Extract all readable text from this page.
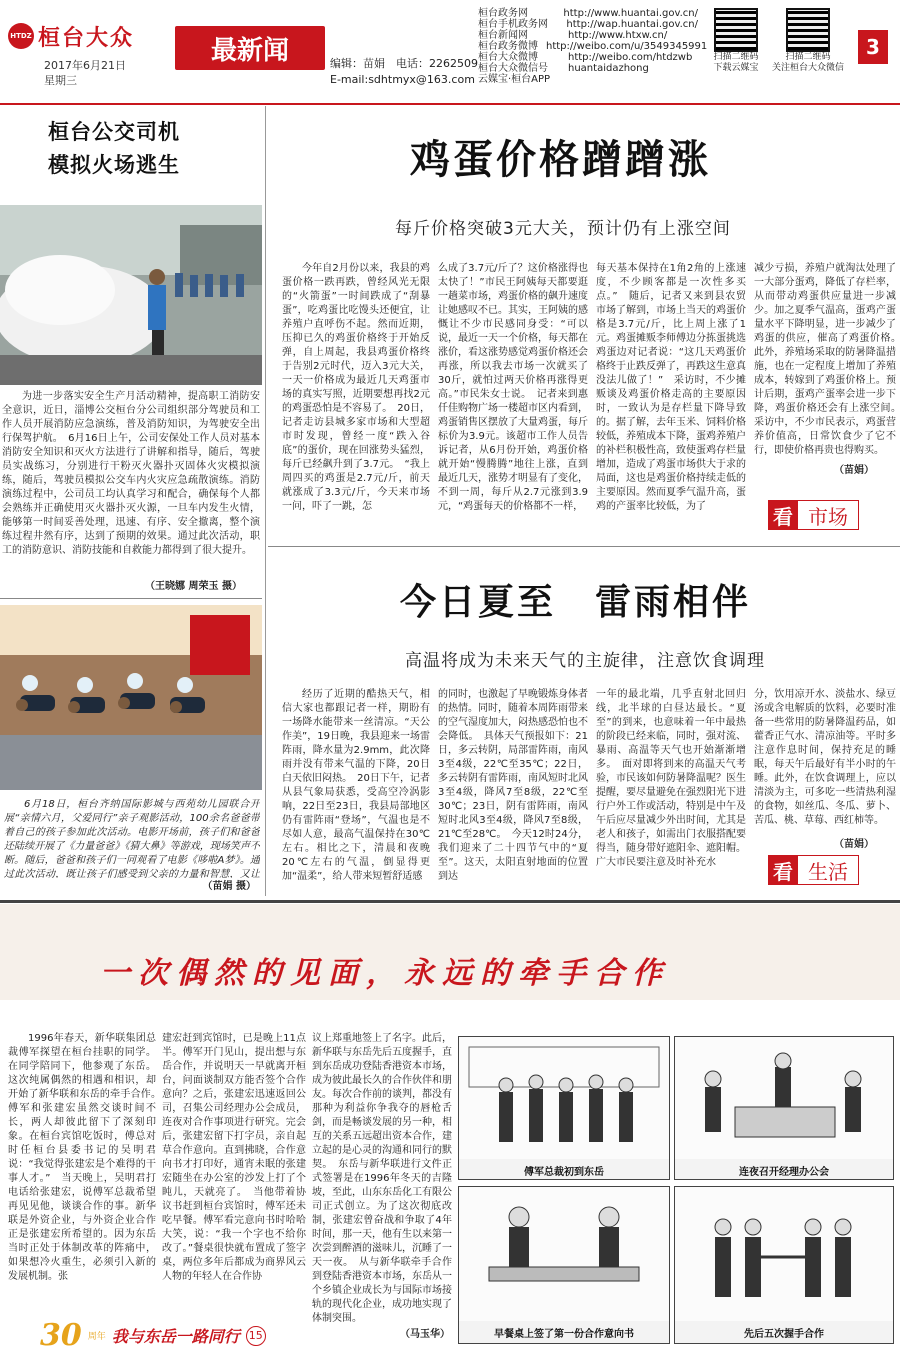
HTDZ 桓台大众
2017年6月21日
星期三
最新闻	编辑：苗娟　电话：2262509
E-mail:sdhtmyx@163.com
桓台政务网	http://www.huantai.gov.cn/
桓台手机政务网	http://wap.huantai.gov.cn/
桓台新闻网	http://www.htxw.cn/
桓台政务微博 http://weibo.com/u/3549345991
桓台大众微博	http://weibo.com/htdzwb
桓台大众微信号	huantaidazhong
云媒宝·桓台APP
扫描二维码
下载云媒宝
扫描二维码
关注桓台大众微信
3
桓台公交司机
模拟火场逃生
为进一步落实安全生产月活动精神，提高职工消防安全意识，近日，淄博公交桓台分公司组织部分驾驶员和工作人员开展消防应急演练，普及消防知识，为驾驶安全出行保驾护航。　6月16日上午，公司安保处工作人员对基本消防安全知识和灭火方法进行了讲解和指导，随后，驾驶员实战练习，分别进行干粉灭火器扑灭固体火灾模拟演练，随后，驾驶员模拟公交车内火灾应急疏散演练。消防演练过程中，公司员工均认真学习和配合，确保每个人都会熟练并正确使用灭火器扑灭火源，一旦车内发生火情，能够第一时间妥善处理，迅速、有序、安全撤离，整个演练过程井然有序，达到了预期的效果。通过此次活动，职工的消防意识、消防技能和自救能力都得到了很大提升。
（王晓娜 周荣玉 摄）
6月18日，桓台齐纳国际影城与西苑幼儿园联合开展“亲情六月，父爱同行”亲子观影活动，100余名爸爸带着自己的孩子参加此次活动。电影开场前，孩子们和爸爸还陆续开展了《力量爸爸》《猜大鼻》等游戏，现场笑声不断。随后，爸爸和孩子们一同观看了电影《哆啦A梦》。通过此次活动，既让孩子们感受到父亲的力量和智慧，又让
（苗娟 摄）
鸡蛋价格蹭蹭涨
每斤价格突破3元大关，预计仍有上涨空间
今年自2月份以来，我县的鸡蛋价格一跌再跌，曾经风光无限的“火箭蛋”一时间跌成了“刮暴蛋”，吃鸡蛋比吃馒头还便宜，让养殖户直呼伤不起。然而近期，压抑已久的鸡蛋价格终于开始反弹，自上周起，我县鸡蛋价格终于告别2元时代，迈入3元大关，一天一价格成为最近几天鸡蛋市场的真实写照，近期要想再找2元的鸡蛋恐怕是不容易了。　20日，记者走访县城多家市场和大型超市时发现，曾经一度“跌入谷底”的蛋价，现在回涨势头猛烈，每斤已经飙升到了3.7元。　“我上周四买的鸡蛋是2.7元/斤，前天就涨成了3.3元/斤，今天来市场一问，吓了一跳，怎
么成了3.7元/斤了？这价格涨得也太快了！”市民王阿姨每天都要逛一趟菜市场，鸡蛋价格的飙升速度让她感叹不已。其实，王阿姨的感慨让不少市民感同身受：“可以说，最近一天一个价格，每天都在涨价，看这涨势感觉鸡蛋价格还会再涨，所以我去市场一次就买了30斤，就怕过两天价格再涨得更高。”市民朱女士说。　记者来到惠仟佳购物广场一楼超市区内看到，鸡蛋销售区摆放了大量鸡蛋，每斤标价为3.9元。该超市工作人员告诉记者，从6月份开始，鸡蛋价格就开始“慢腾腾”地往上涨，直到最近几天，涨势才明显有了变化，不到一周，每斤从2.7元涨到3.9元，“鸡蛋每天的价格都不一样，
每天基本保持在1角2角的上涨速度，不少顾客都是一次性多买点。”　随后，记者又来到县农贸市场了解到，市场上当天的鸡蛋价格是3.7元/斤，比上周上涨了1元。鸡蛋摊贩李师傅边分拣蛋挑选鸡蛋边对记者说：“这几天鸡蛋价格终于止跌反弹了，再跌这生意真没法儿做了！”　采访时，不少摊贩谈及鸡蛋价格走高的主要原因时，一致认为是存栏量下降导致的。据了解，去年玉米、饲料价格较低，养殖成本下降，蛋鸡养殖户的补栏积极性高，致使蛋鸡存栏量增加，造成了鸡蛋市场供大于求的局面，这也是鸡蛋价格持续走低的主要原因。然而夏季气温升高，蛋鸡的产蛋率比较低，为了
减少亏损，养殖户就淘汰处理了一大部分蛋鸡，降低了存栏率，从而带动鸡蛋供应量进一步减少。加之夏季气温高，蛋鸡产蛋量水平下降明显，进一步减少了鸡蛋的供应，催高了鸡蛋价格。　此外，养殖场采取的防暑降温措施，也在一定程度上增加了养殖成本，转嫁到了鸡蛋价格上。预计后期，蛋鸡产蛋率会进一步下降，鸡蛋价格还会有上涨空间。　采访中，不少市民表示，鸡蛋营养价值高，日常饮食少了它不行，即使价格再贵也得购买。
（苗娟）
看 市场
今日夏至　雷雨相伴
高温将成为未来天气的主旋律，注意饮食调理
经历了近期的酷热天气，相信大家也都跟记者一样，期盼有一场降水能带来一丝清凉。“天公作美”，19日晚，我县迎来一场雷阵雨，降水量为2.9mm，此次降雨并没有带来气温的下降，20日白天依旧闷热。　20日下午，记者从县气象局获悉，受高空冷涡影响，22日至23日，我县局部地区仍有雷阵雨“登场”，气温也是不尽如人意，最高气温保持在30℃左右。相比之下，清晨和夜晚20℃左右的气温，倒显得更加“温柔”，给人带来短暂舒适感
的同时，也激起了早晚锻炼身体者的热情。同时，随着本周阵雨带来的空气湿度加大，闷热感恐怕也不会降低。　具体天气预报如下：21日，多云转阴，局部雷阵雨，南风3至4级，22℃至35℃；22日，多云转阴有雷阵雨，南风短时北风3至4级，降风7至8级，22℃至30℃；23日，阴有雷阵雨，南风短时北风3至4级，降风7至8级，21℃至28℃。　今天12时24分，我们迎来了二十四节气中的“夏至”。这天，太阳直射地面的位置到达
一年的最北端，几乎直射北回归线，北半球的白昼达最长。“夏至”的到来，也意味着一年中最热的阶段已经来临，同时，强对流、暴雨、高温等天气也开始渐渐增多。　面对即将到来的高温天气考验，市民该如何防暑降温呢？医生提醒，要尽量避免在强烈阳光下进行户外工作或活动，特别是中午及午后应尽量减少外出时间，尤其是老人和孩子，如需出门衣服搭配要得当，随身带好遮阳伞、遮阳帽。广大市民要注意及时补充水
分，饮用凉开水、淡盐水、绿豆汤或含电解质的饮料，必要时准备一些常用的防暑降温药品，如藿香正气水、清凉油等。平时多注意作息时间，保持充足的睡眠，每天午后最好有半小时的午睡。此外，在饮食调理上，应以清淡为主，可多吃一些清热利湿的食物，如丝瓜、冬瓜、萝卜、苦瓜、桃、草莓、西红柿等。
（苗娟）
看 生活
一次偶然的见面，永远的牵手合作
1996年春天，新华联集团总裁傅军探望在桓台挂职的同学。在同学陪同下，他参观了东岳。这次纯属偶然的相遇和相识，却开始了新华联和东岳的牵手合作。　傅军和张建宏虽然交谈时间不长，两人却彼此留下了深刻印象。在桓台宾馆吃饭时，傅总对时任桓台县委书记的吴明君说：“我觉得张建宏是个难得的干事人才。”　当天晚上，吴明君打电话给张建宏，说傅军总裁希望再见见他，谈谈合作的事。新华联是外资企业，与外资企业合作正是张建宏所希望的。因为东岳当时正处于体制改革的阵痛中，如果想冷火重生，必须引入新的发展机制。张
建宏赶到宾馆时，已是晚上11点半。傅军开门见山，提出想与东岳合作，并说明天一早就离开桓台，问面谈制双方能否签个合作意向？之后，张建宏迅速返回公司，召集公司经理办公会成员，连夜对合作事项进行研究。完会后，张建宏留下打字员，亲自起草合作意向。直到拂晓，合作意向书才打印好，通宵未眠的张建宏随坐在办公室的沙发上打了个盹儿，天就亮了。　当他带着协议书赶到桓台宾馆时，傅军还未吃早餐。傅军看完意向书时哈哈大笑，说：“我一个字也不给你改了。”餐桌很快就布置成了签字桌，两位多年后都成为商界风云人物的年轻人在合作协
议上郑重地签上了名字。此后，新华联与东岳先后五度握手，直到东岳成功登陆香港资本市场，成为彼此最长久的合作伙伴和朋友。每次合作前的谈判，都没有那种为利益你争我夺的唇枪舌剑，而是畅谈发展的另一种，相互的关系五远超出资本合作，建立起的是心灵的沟通和同行的默契。　东岳与新华联进行文件正式签署是在1996年冬天的吉隆坡，至此，山东东岳化工有限公司正式创立。为了这次彻底改制，张建宏曾奋战和争取了4年时间，那一天，他有生以来第一次尝到醉酒的滋味儿，沉睡了一天一夜。　从与新华联牵手合作到登陆香港资本市场，东岳从一个乡镇企业成长为与国际市场接轨的现代化企业，成功地实现了体制突围。
（马玉华）
30 周年 我与东岳一路同行 15
傅军总裁初到东岳	连夜召开经理办公会
早餐桌上签了第一份合作意向书	先后五次握手合作
